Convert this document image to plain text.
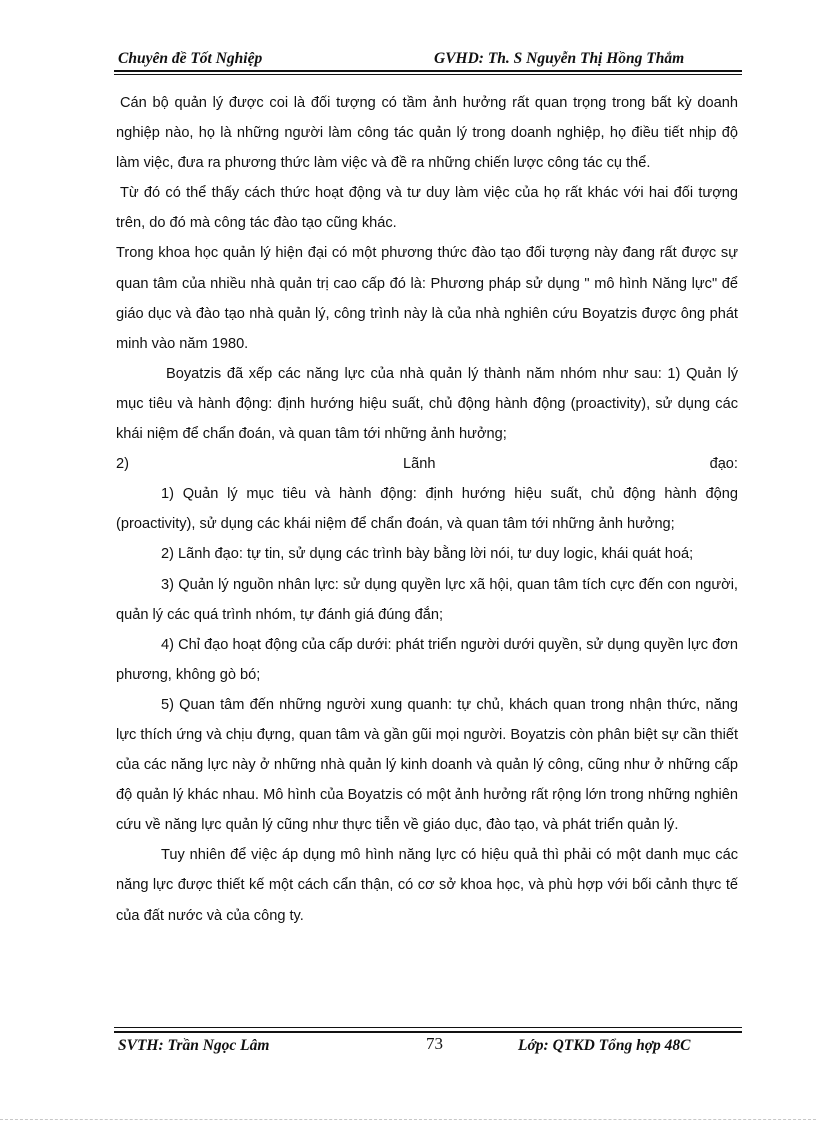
Chuyên đề Tốt Nghiệp	GVHD: Th. S Nguyễn Thị Hồng Thắm

Cán bộ quản lý được coi là đối tượng có tầm ảnh hưởng rất quan trọng trong bất kỳ doanh nghiệp nào, họ là những người làm công tác quản lý trong doanh nghiệp, họ điều tiết nhịp độ làm việc, đưa ra phương thức làm việc và đề ra những chiến lược công tác cụ thể.

Từ đó có thể thấy cách thức hoạt động và tư duy làm việc của họ rất khác với hai đối tượng trên, do đó mà công tác đào tạo cũng khác.

Trong khoa học quản lý hiện đại có một phương thức đào tạo đối tượng này đang rất được sự quan tâm của nhiều nhà quản trị cao cấp đó là: Phương pháp sử dụng " mô hình Năng lực" để giáo dục và đào tạo nhà quản lý, công trình này là của nhà nghiên cứu Boyatzis được ông phát minh vào năm 1980.

Boyatzis đã xếp các năng lực của nhà quản lý thành năm nhóm như sau: 1) Quản lý mục tiêu và hành động: định hướng hiệu suất, chủ động hành động (proactivity), sử dụng các khái niệm để chẩn đoán, và quan tâm tới những ảnh hưởng;

2)	Lãnh	đạo:

1) Quản lý mục tiêu và hành động: định hướng hiệu suất, chủ động hành động (proactivity), sử dụng các khái niệm để chẩn đoán, và quan tâm tới những ảnh hưởng;

2) Lãnh đạo: tự tin, sử dụng các trình bày bằng lời nói, tư duy logic, khái quát hoá;

3) Quản lý nguồn nhân lực: sử dụng quyền lực xã hội, quan tâm tích cực đến con người, quản lý các quá trình nhóm, tự đánh giá đúng đắn;

4) Chỉ đạo hoạt động của cấp dưới: phát triển người dưới quyền, sử dụng quyền lực đơn phương, không gò bó;

5) Quan tâm đến những người xung quanh: tự chủ, khách quan trong nhận thức, năng lực thích ứng và chịu đựng, quan tâm và gần gũi mọi người. Boyatzis còn phân biệt sự cần thiết của các năng lực này ở những nhà quản lý kinh doanh và quản lý công, cũng như ở những cấp độ quản lý khác nhau. Mô hình của Boyatzis có một ảnh hưởng rất rộng lớn trong những nghiên cứu về năng lực quản lý cũng như thực tiễn về giáo dục, đào tạo, và phát triển quản lý.

Tuy nhiên để việc áp dụng mô hình năng lực có hiệu quả thì phải có một danh mục các năng lực được thiết kế một cách cẩn thận, có cơ sở khoa học, và phù hợp với bối cảnh thực tế của đất nước và của công ty.

SVTH: Trần Ngọc Lâm	73	Lớp: QTKD Tổng hợp 48C
